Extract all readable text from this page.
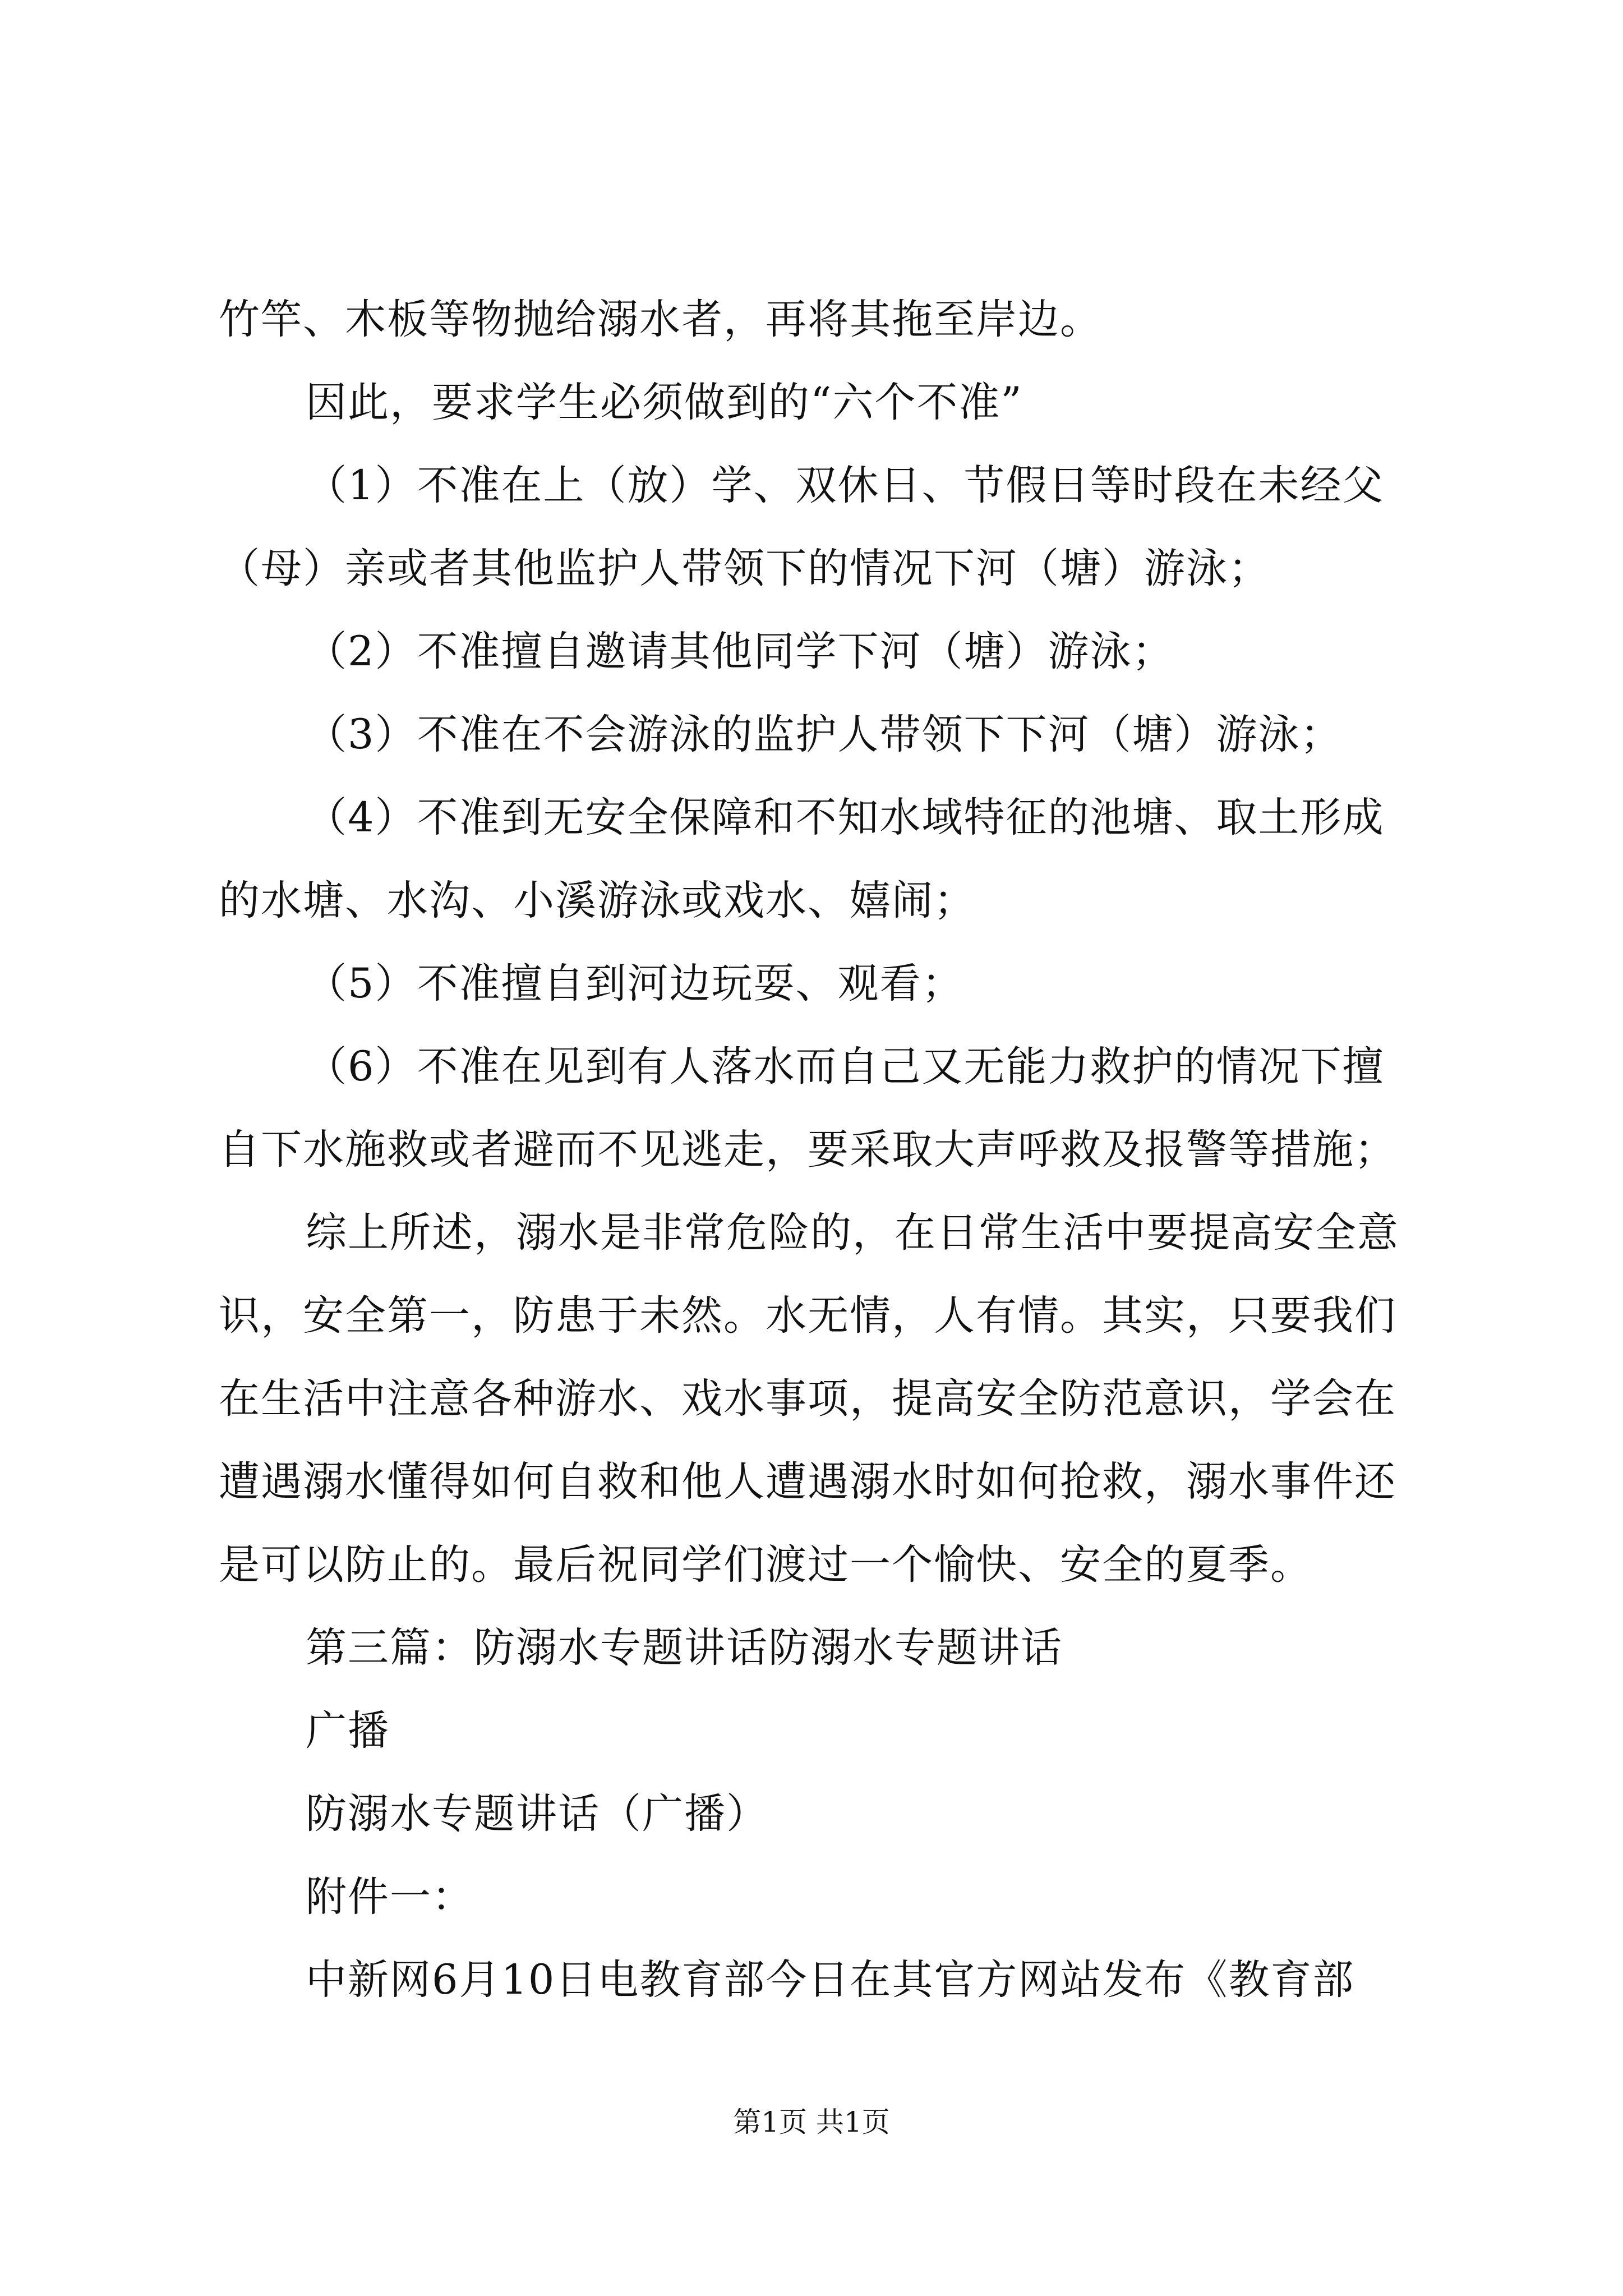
竹竿、木板等物抛给溺水者，再将其拖至岸边。
因此，要求学生必须做到的“六个不准”
（1）不准在上（放）学、双休日、节假日等时段在未经父
（母）亲或者其他监护人带领下的情况下河（塘）游泳；
（2）不准擅自邀请其他同学下河（塘）游泳；
（3）不准在不会游泳的监护人带领下下河（塘）游泳；
（4）不准到无安全保障和不知水域特征的池塘、取土形成
的水塘、水沟、小溪游泳或戏水、嬉闹；
（5）不准擅自到河边玩耍、观看；
（6）不准在见到有人落水而自己又无能力救护的情况下擅
自下水施救或者避而不见逃走，要采取大声呼救及报警等措施；
综上所述，溺水是非常危险的，在日常生活中要提高安全意
识，安全第一，防患于未然。水无情，人有情。其实，只要我们
在生活中注意各种游水、戏水事项，提高安全防范意识，学会在
遭遇溺水懂得如何自救和他人遭遇溺水时如何抢救，溺水事件还
是可以防止的。最后祝同学们渡过一个愉快、安全的夏季。
第三篇：防溺水专题讲话防溺水专题讲话
广播
防溺水专题讲话（广播）
附件一：
中新网6月10日电教育部今日在其官方网站发布《教育部
第1页 共1页
